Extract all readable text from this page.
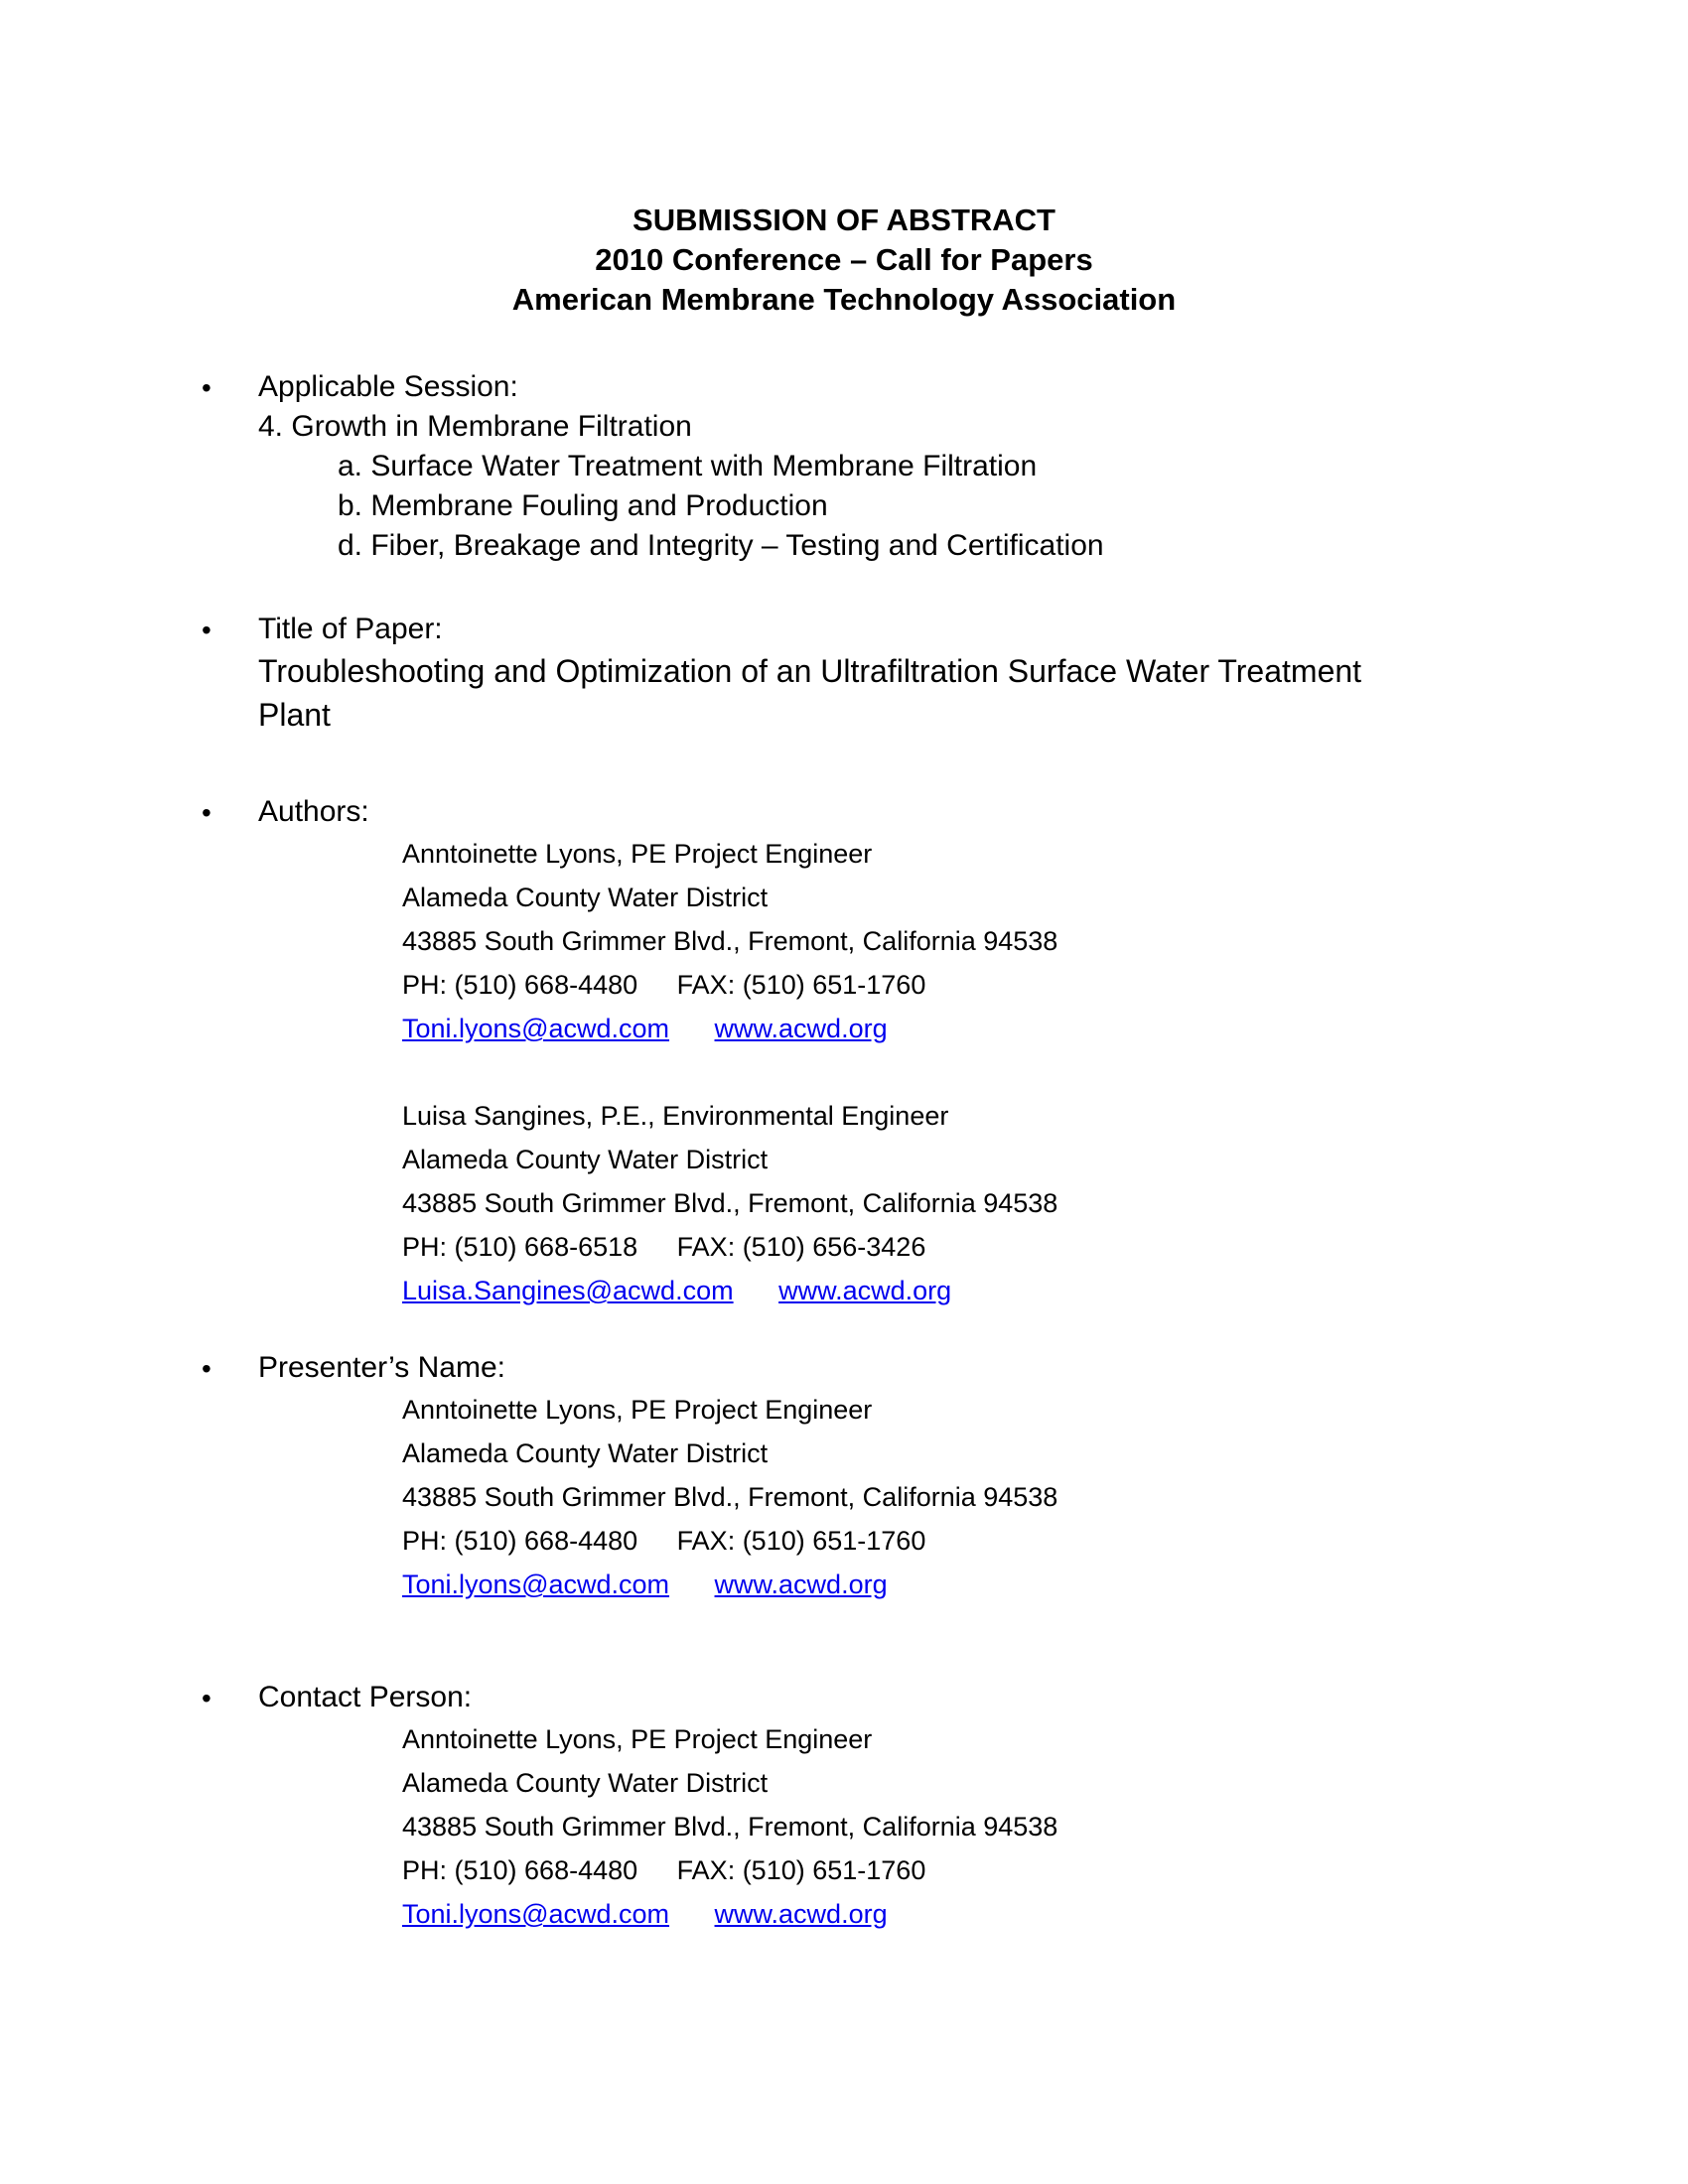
SUBMISSION OF ABSTRACT
2010 Conference – Call for Papers
American Membrane Technology Association
• Applicable Session:
4. Growth in Membrane Filtration
a. Surface Water Treatment with Membrane Filtration
b. Membrane Fouling and Production
d. Fiber, Breakage and Integrity – Testing and Certification
• Title of Paper:
Troubleshooting and Optimization of an Ultrafiltration Surface Water Treatment Plant
• Authors:
Anntoinette Lyons, PE Project Engineer
Alameda County Water District
43885 South Grimmer Blvd., Fremont, California 94538
PH: (510) 668-4480 FAX: (510) 651-1760
Toni.lyons@acwd.com www.acwd.org
Luisa Sangines, P.E., Environmental Engineer
Alameda County Water District
43885 South Grimmer Blvd., Fremont, California 94538
PH: (510) 668-6518 FAX: (510) 656-3426
Luisa.Sangines@acwd.com www.acwd.org
• Presenter’s Name:
Anntoinette Lyons, PE Project Engineer
Alameda County Water District
43885 South Grimmer Blvd., Fremont, California 94538
PH: (510) 668-4480 FAX: (510) 651-1760
Toni.lyons@acwd.com www.acwd.org
• Contact Person:
Anntoinette Lyons, PE Project Engineer
Alameda County Water District
43885 South Grimmer Blvd., Fremont, California 94538
PH: (510) 668-4480 FAX: (510) 651-1760
Toni.lyons@acwd.com www.acwd.org
